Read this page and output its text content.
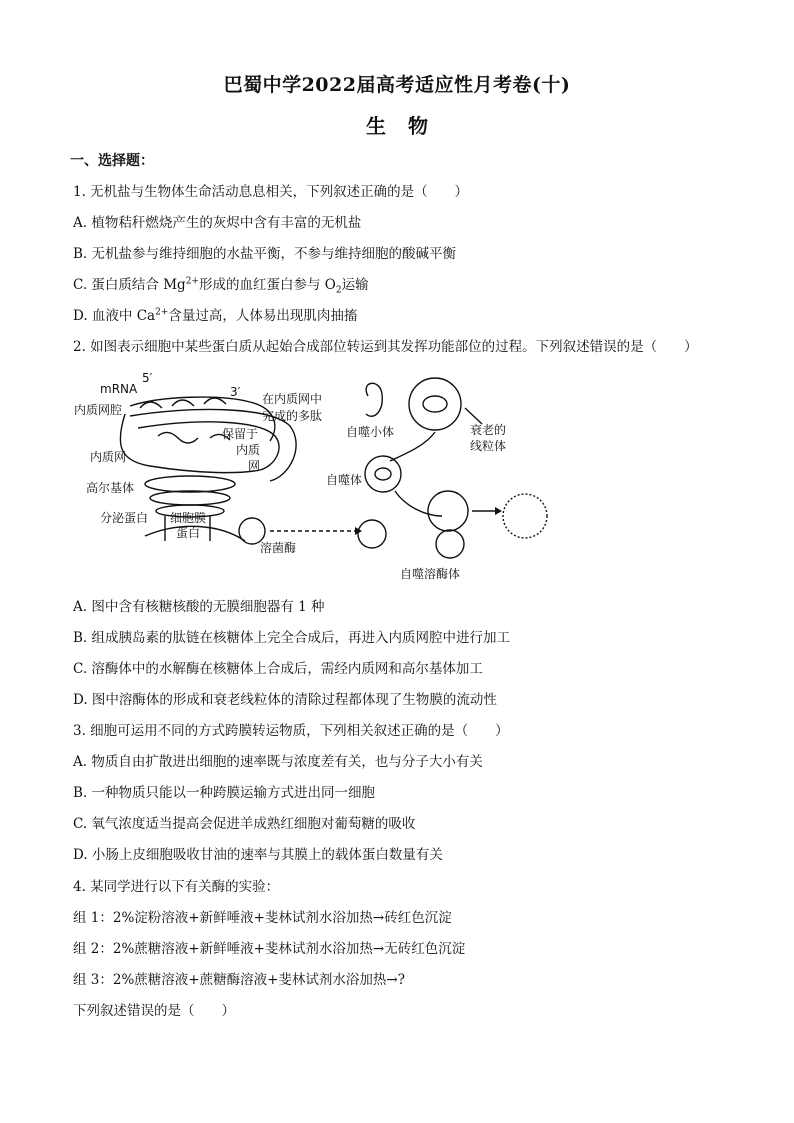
巴蜀中学2022届高考适应性月考卷(十)
生 物
一、选择题：
1. 无机盐与生物体生命活动息息相关，下列叙述正确的是（　　）
A. 植物秸秆燃烧产生的灰烬中含有丰富的无机盐
B. 无机盐参与维持细胞的水盐平衡，不参与维持细胞的酸碱平衡
C. 蛋白质结合 $Mg^{2+}$形成的血红蛋白参与 $O_2$运输
D. 血液中 $Ca^{2+}$含量过高，人体易出现肌肉抽搐
2. 如图表示细胞中某些蛋白质从起始合成部位转运到其发挥功能部位的过程。下列叙述错误的是（　　）
mRNA
5′
3′
内质网腔
在内质网中
完成的多肽
保留于
内质
网
内质网
高尔基体
分泌蛋白 细胞膜
蛋白
溶菌酶
自噬小体	衰老的
线粒体
自噬体
自噬溶酶体
A. 图中含有核糖核酸的无膜细胞器有 1 种
B. 组成胰岛素的肽链在核糖体上完全合成后，再进入内质网腔中进行加工
C. 溶酶体中的水解酶在核糖体上合成后，需经内质网和高尔基体加工
D. 图中溶酶体的形成和衰老线粒体的清除过程都体现了生物膜的流动性
3. 细胞可运用不同的方式跨膜转运物质，下列相关叙述正确的是（　　）
A. 物质自由扩散进出细胞的速率既与浓度差有关，也与分子大小有关
B. 一种物质只能以一种跨膜运输方式进出同一细胞
C. 氧气浓度适当提高会促进羊成熟红细胞对葡萄糖的吸收
D. 小肠上皮细胞吸收甘油的速率与其膜上的载体蛋白数量有关
4. 某同学进行以下有关酶的实验：
组 1：2%淀粉溶液+新鲜唾液+斐林试剂水浴加热→砖红色沉淀
组 2：2%蔗糖溶液+新鲜唾液+斐林试剂水浴加热→无砖红色沉淀
组 3：2%蔗糖溶液+蔗糖酶溶液+斐林试剂水浴加热→?
下列叙述错误的是（　　）
